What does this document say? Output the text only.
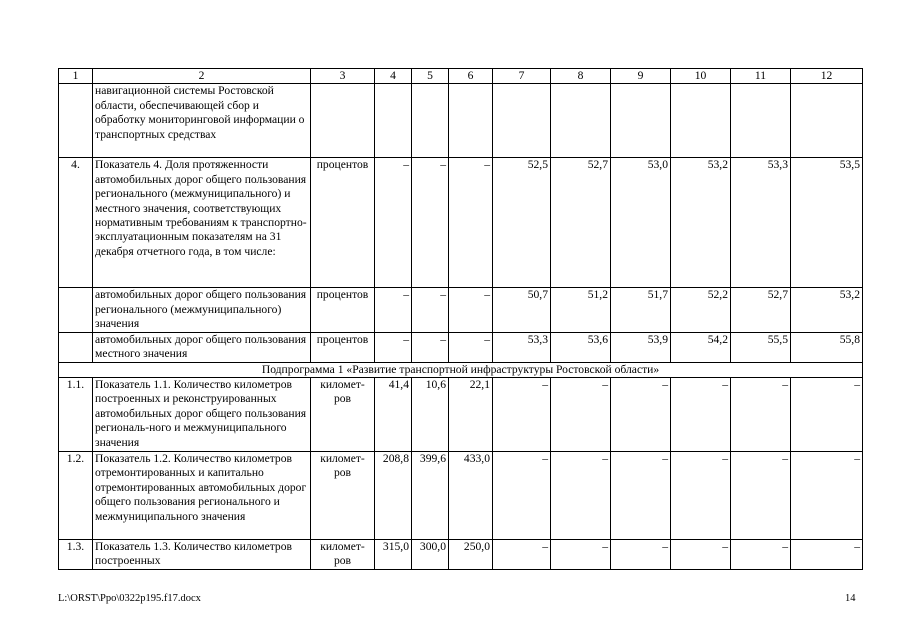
1	2	3	4	5	6	7	8	9	10	11	12
	навигационной системы Ростовской области, обеспечивающей сбор и обработку мониторинговой информации о транспортных средствах										
4.	Показатель 4. Доля протяженности автомобильных дорог общего пользования регионального (межмуниципального) и местного значения, соответствующих нормативным требованиям к транспортно-эксплуатационным показателям на 31 декабря отчетного года, в том числе:	процентов	–	–	–	52,5	52,7	53,0	53,2	53,3	53,5
	автомобильных дорог общего пользования регионального (межмуниципального) значения	процентов	–	–	–	50,7	51,2	51,7	52,2	52,7	53,2
	автомобильных дорог общего пользования местного значения	процентов	–	–	–	53,3	53,6	53,9	54,2	55,5	55,8
Подпрограмма 1 «Развитие транспортной инфраструктуры Ростовской области»											
1.1.	Показатель 1.1. Количество километров построенных и реконструированных автомобильных дорог общего пользования региональ-ного и межмуниципального значения	километ-ров	41,4	10,6	22,1	–	–	–	–	–	–
1.2.	Показатель 1.2. Количество километров отремонтированных и капитально отремонтированных автомобильных дорог общего пользования регионального и межмуниципального значения	километ-ров	208,8	399,6	433,0	–	–	–	–	–	–
1.3.	Показатель 1.3. Количество километров построенных	километ-ров	315,0	300,0	250,0	–	–	–	–	–	–
L:\ORST\Ppo\0322p195.f17.docx	14
